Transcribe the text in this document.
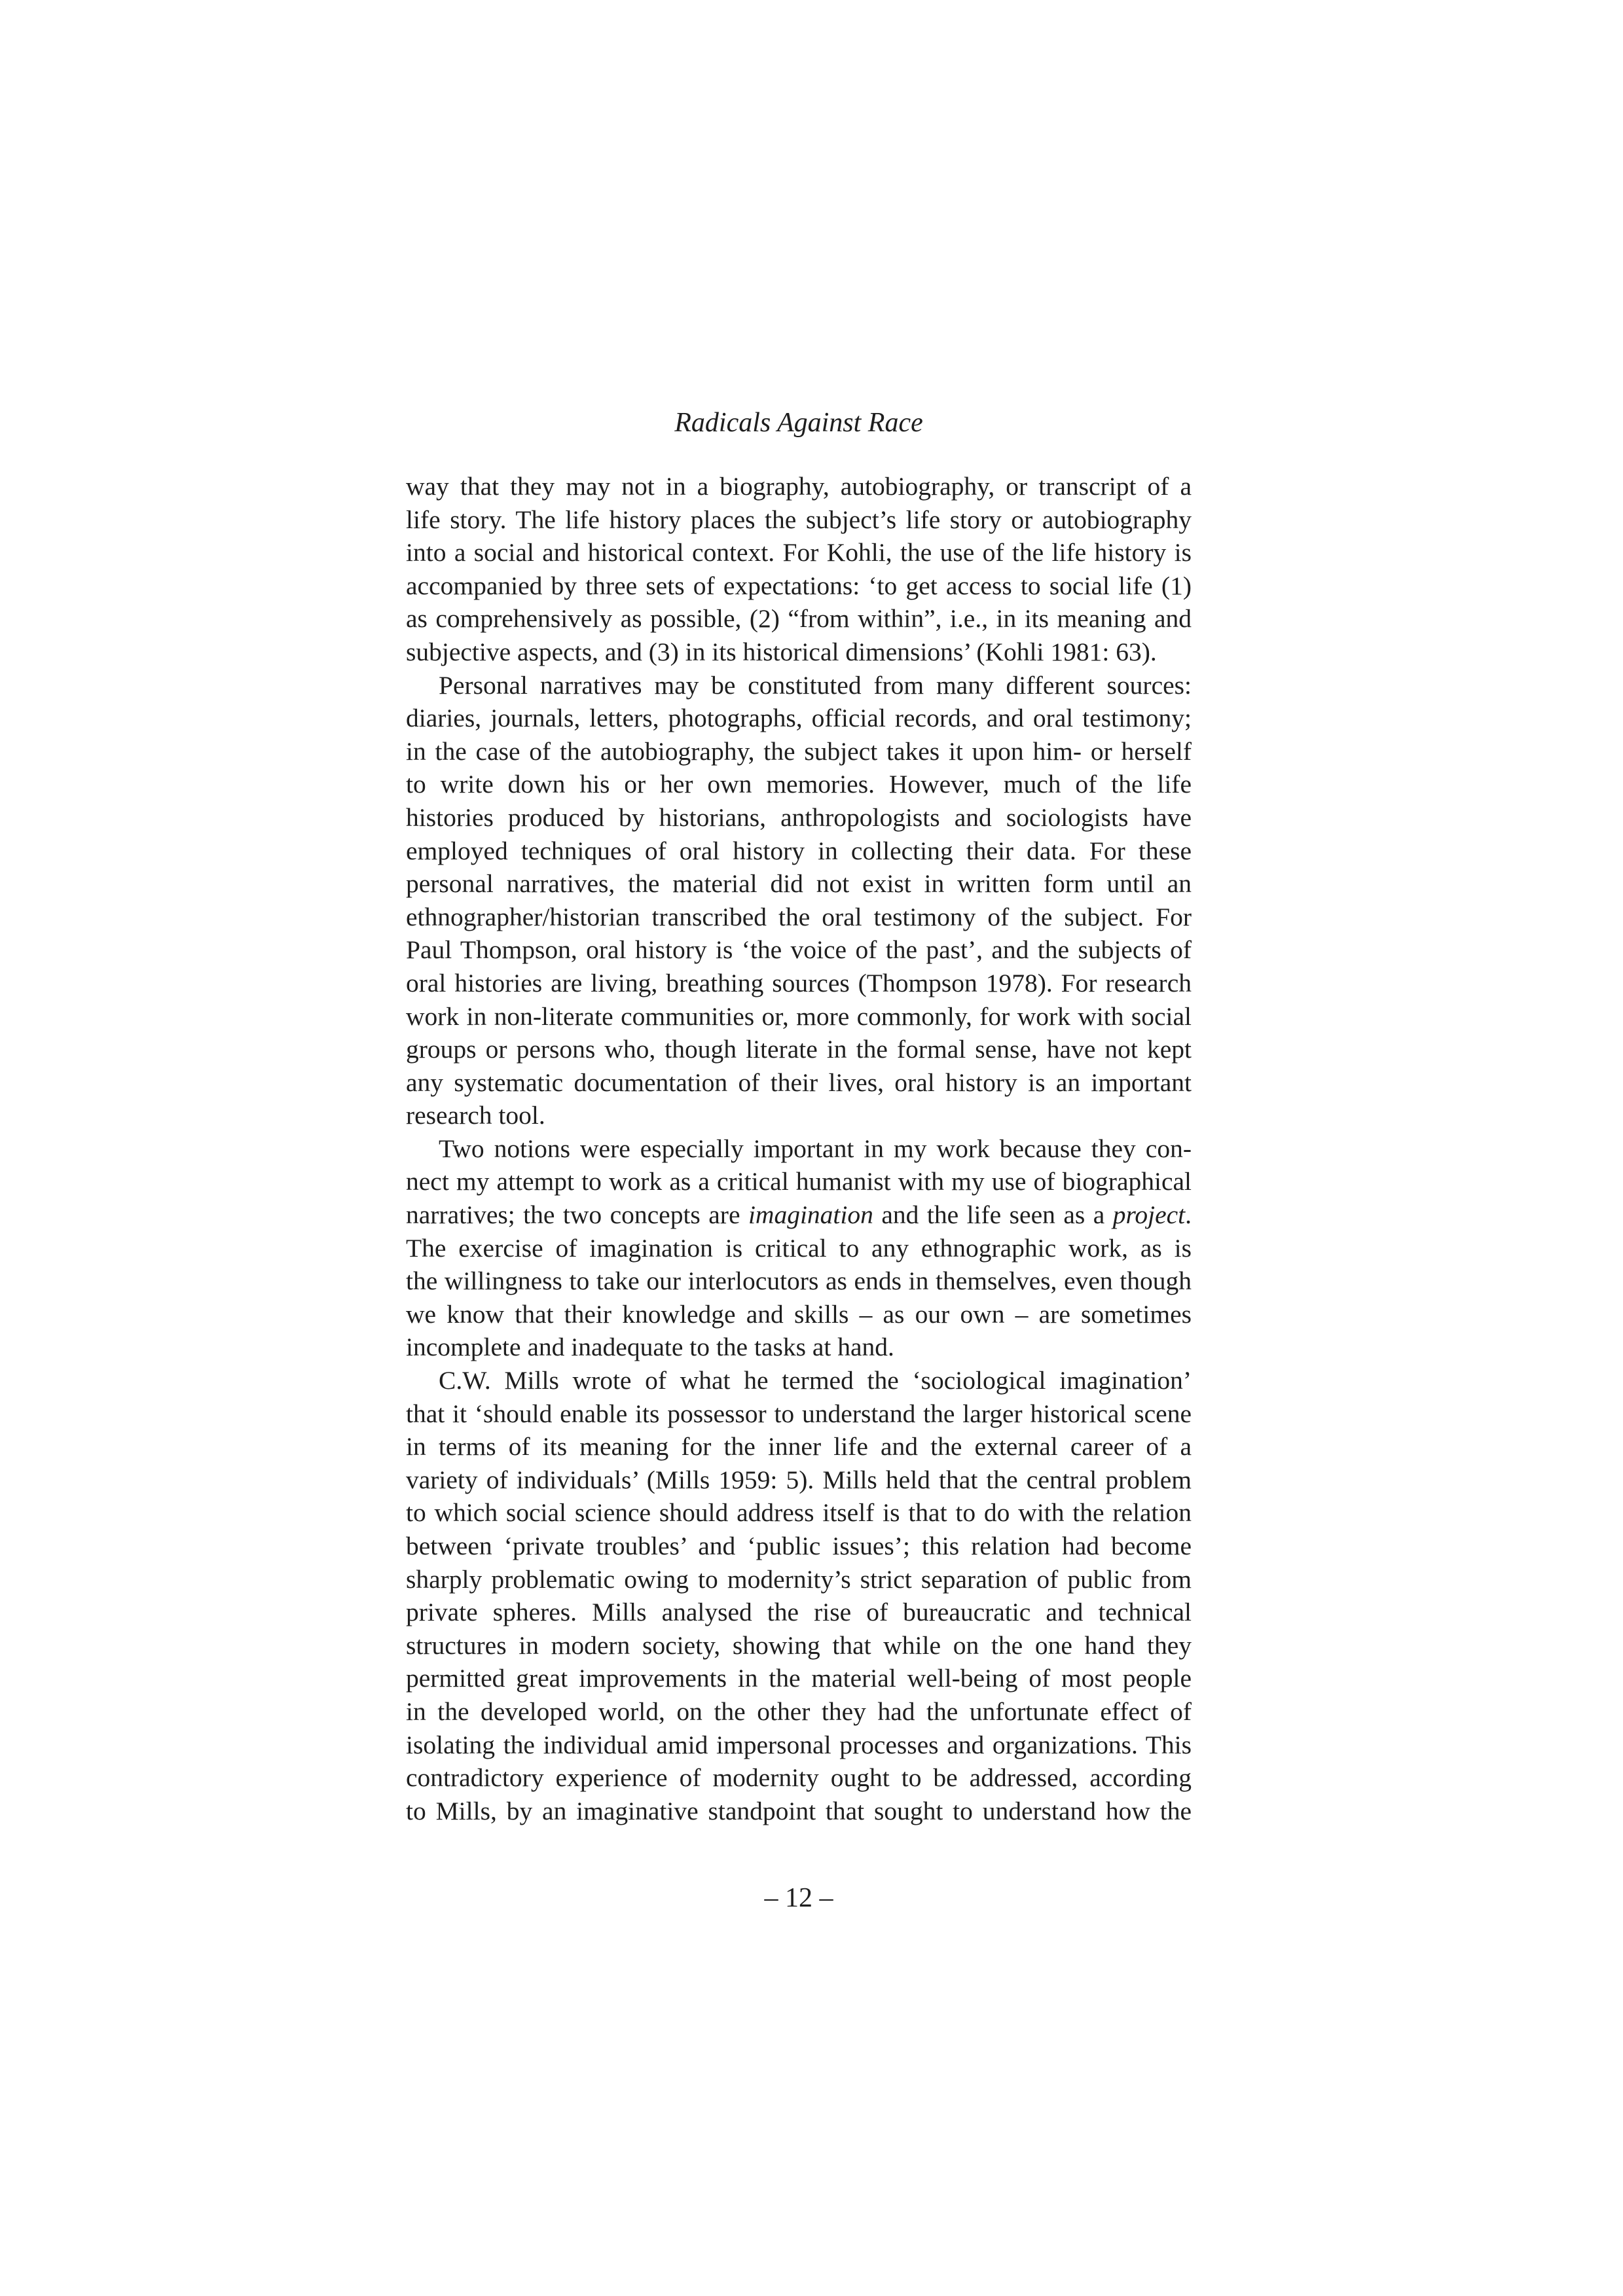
Radicals Against Race
way that they may not in a biography, autobiography, or transcript of a
life story. The life history places the subject’s life story or autobiography
into a social and historical context. For Kohli, the use of the life history is
accompanied by three sets of expectations: ‘to get access to social life (1)
as comprehensively as possible, (2) “from within”, i.e., in its meaning and
subjective aspects, and (3) in its historical dimensions’ (Kohli 1981: 63).
Personal narratives may be constituted from many different sources:
diaries, journals, letters, photographs, official records, and oral testimony;
in the case of the autobiography, the subject takes it upon him- or herself
to write down his or her own memories. However, much of the life
histories produced by historians, anthropologists and sociologists have
employed techniques of oral history in collecting their data. For these
personal narratives, the material did not exist in written form until an
ethnographer/historian transcribed the oral testimony of the subject. For
Paul Thompson, oral history is ‘the voice of the past’, and the subjects of
oral histories are living, breathing sources (Thompson 1978). For research
work in non-literate communities or, more commonly, for work with social
groups or persons who, though literate in the formal sense, have not kept
any systematic documentation of their lives, oral history is an important
research tool.
Two notions were especially important in my work because they con-
nect my attempt to work as a critical humanist with my use of biographical
narratives; the two concepts are imagination and the life seen as a project.
The exercise of imagination is critical to any ethnographic work, as is
the willingness to take our interlocutors as ends in themselves, even though
we know that their knowledge and skills – as our own – are sometimes
incomplete and inadequate to the tasks at hand.
C.W. Mills wrote of what he termed the ‘sociological imagination’
that it ‘should enable its possessor to understand the larger historical scene
in terms of its meaning for the inner life and the external career of a
variety of individuals’ (Mills 1959: 5). Mills held that the central problem
to which social science should address itself is that to do with the relation
between ‘private troubles’ and ‘public issues’; this relation had become
sharply problematic owing to modernity’s strict separation of public from
private spheres. Mills analysed the rise of bureaucratic and technical
structures in modern society, showing that while on the one hand they
permitted great improvements in the material well-being of most people
in the developed world, on the other they had the unfortunate effect of
isolating the individual amid impersonal processes and organizations. This
contradictory experience of modernity ought to be addressed, according
to Mills, by an imaginative standpoint that sought to understand how the
– 12 –
